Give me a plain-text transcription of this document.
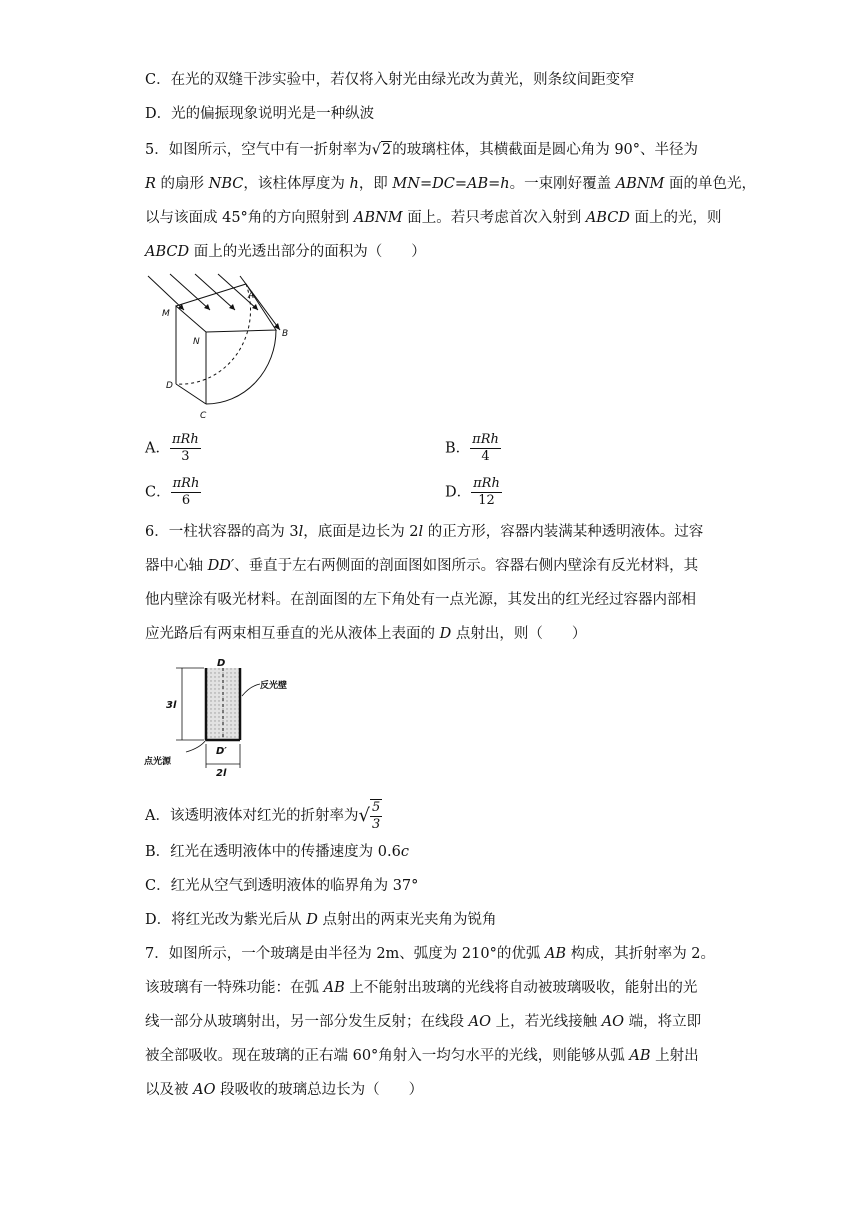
C．在光的双缝干涉实验中，若仅将入射光由绿光改为黄光，则条纹间距变窄
D．光的偏振现象说明光是一种纵波
5．如图所示，空气中有一折射率为√2的玻璃柱体，其横截面是圆心角为 90°、半径为
R 的扇形 NBC，该柱体厚度为 h，即 MN=DC=AB=h。一束刚好覆盖 ABNM 面的单色光，
以与该面成 45°角的方向照射到 ABNM 面上。若只考虑首次入射到 ABCD 面上的光，则
ABCD 面上的光透出部分的面积为（　　）
M
A
N
B
D
C
A． $\frac{\text{πRh}}{3}$	B． $\frac{\text{πRh}}{4}$
C． $\frac{\text{πRh}}{6}$	D． $\frac{\text{πRh}}{12}$
6．一柱状容器的高为 3l，底面是边长为 2l 的正方形，容器内装满某种透明液体。过容
器中心轴 DD′、垂直于左右两侧面的剖面图如图所示。容器右侧内壁涂有反光材料，其
他内壁涂有吸光材料。在剖面图的左下角处有一点光源，其发出的红光经过容器内部相
应光路后有两束相互垂直的光从液体上表面的 D 点射出，则（　　）
D
反光壁
3l
D′
点光源
2l
A．该透明液体对红光的折射率为√ $\frac{5}{3}$
B．红光在透明液体中的传播速度为 0.6c
C．红光从空气到透明液体的临界角为 37°
D．将红光改为紫光后从 D 点射出的两束光夹角为锐角
7．如图所示，一个玻璃是由半径为 2m、弧度为 210°的优弧 AB 构成，其折射率为 2。
该玻璃有一特殊功能：在弧 AB 上不能射出玻璃的光线将自动被玻璃吸收，能射出的光
线一部分从玻璃射出，另一部分发生反射；在线段 AO 上，若光线接触 AO 端，将立即
被全部吸收。现在玻璃的正右端 60°角射入一均匀水平的光线，则能够从弧 AB 上射出
以及被 AO 段吸收的玻璃总边长为（　　）
